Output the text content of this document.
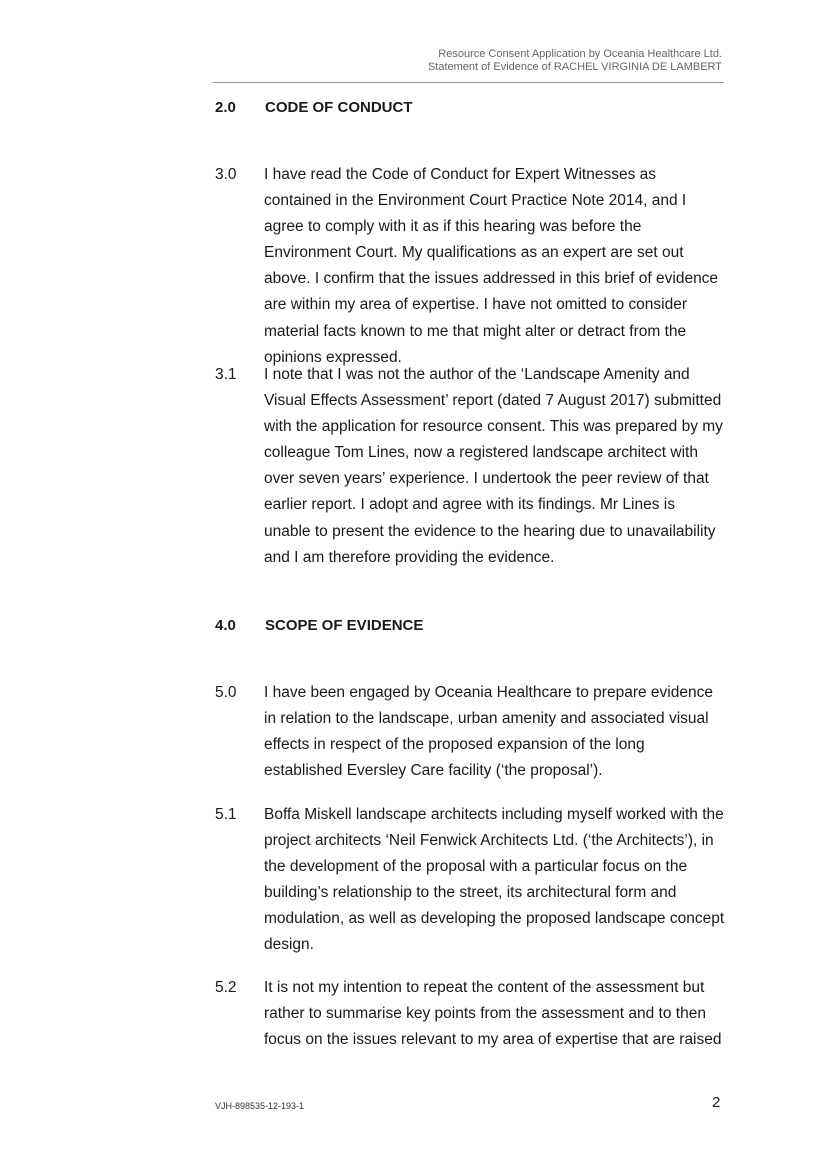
Resource Consent Application by Oceania Healthcare Ltd.
Statement of Evidence of RACHEL VIRGINIA DE LAMBERT
2.0 CODE OF CONDUCT
3.0 I have read the Code of Conduct for Expert Witnesses as contained in the Environment Court Practice Note 2014, and I agree to comply with it as if this hearing was before the Environment Court. My qualifications as an expert are set out above. I confirm that the issues addressed in this brief of evidence are within my area of expertise. I have not omitted to consider material facts known to me that might alter or detract from the opinions expressed.
3.1 I note that I was not the author of the ‘Landscape Amenity and Visual Effects Assessment’ report (dated 7 August 2017) submitted with the application for resource consent. This was prepared by my colleague Tom Lines, now a registered landscape architect with over seven years’ experience. I undertook the peer review of that earlier report. I adopt and agree with its findings. Mr Lines is unable to present the evidence to the hearing due to unavailability and I am therefore providing the evidence.
4.0 SCOPE OF EVIDENCE
5.0 I have been engaged by Oceania Healthcare to prepare evidence in relation to the landscape, urban amenity and associated visual effects in respect of the proposed expansion of the long established Eversley Care facility (‘the proposal’).
5.1 Boffa Miskell landscape architects including myself worked with the project architects ‘Neil Fenwick Architects Ltd. (‘the Architects’), in the development of the proposal with a particular focus on the building’s relationship to the street, its architectural form and modulation, as well as developing the proposed landscape concept design.
5.2 It is not my intention to repeat the content of the assessment but rather to summarise key points from the assessment and to then focus on the issues relevant to my area of expertise that are raised
VJH-898535-12-193-1	2
